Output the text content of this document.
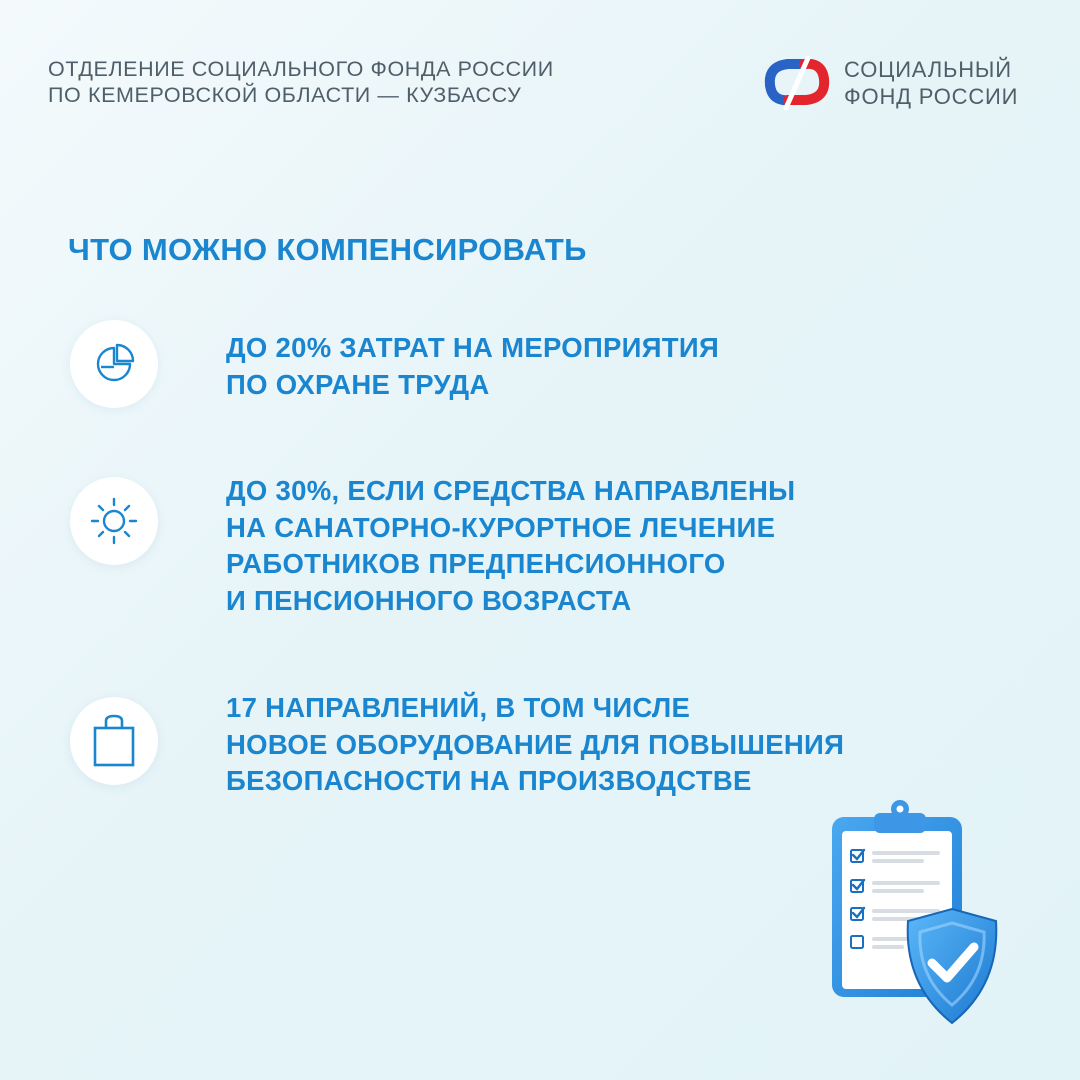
ОТДЕЛЕНИЕ СОЦИАЛЬНОГО ФОНДА РОССИИ
ПО КЕМЕРОВСКОЙ ОБЛАСТИ — КУЗБАССУ
СОЦИАЛЬНЫЙ
ФОНД РОССИИ
ЧТО МОЖНО КОМПЕНСИРОВАТЬ
ДО 20% ЗАТРАТ НА МЕРОПРИЯТИЯ
ПО ОХРАНЕ ТРУДА
ДО 30%, ЕСЛИ СРЕДСТВА НАПРАВЛЕНЫ
НА САНАТОРНО-КУРОРТНОЕ ЛЕЧЕНИЕ
РАБОТНИКОВ ПРЕДПЕНСИОННОГО
И ПЕНСИОННОГО ВОЗРАСТА
17 НАПРАВЛЕНИЙ, В ТОМ ЧИСЛЕ
НОВОЕ ОБОРУДОВАНИЕ ДЛЯ ПОВЫШЕНИЯ
БЕЗОПАСНОСТИ НА ПРОИЗВОДСТВЕ
